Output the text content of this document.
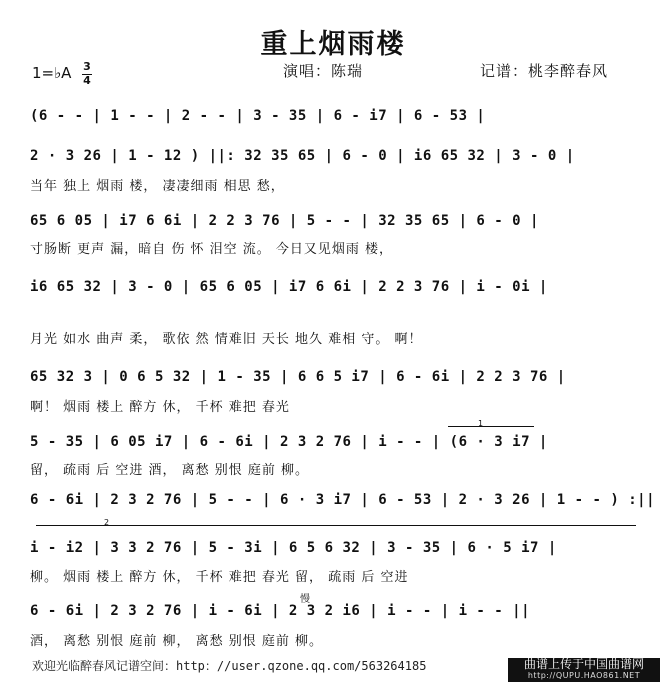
重上烟雨楼
1=♭A 3
4
演唱：陈瑞	记谱：桃李醉春风
(6 - - | 1 - - | 2 - - | 3 - 35 | 6 - i7 | 6 - 53 |
2 · 3 26 | 1 - 12 ) ||: 32 35 65 | 6 - 0 | i6 65 32 | 3 - 0 |
当年 独上 烟雨 楼， 凄凄细雨 相思 愁，
65 6 05 | i7 6 6i | 2 2 3 76 | 5 - - | 32 35 65 | 6 - 0 |
寸肠断 更声 漏，暗自 伤 怀 泪空 流。 今日又见烟雨 楼，
i6 65 32 | 3 - 0 | 65 6 05 | i7 6 6i | 2 2 3 76 | i - 0i |
月光 如水 曲声 柔， 歌依 然 情难旧 天长 地久 难相 守。 啊！
65 32 3 | 0 6 5 32 | 1 - 35 | 6 6 5 i7 | 6 - 6i | 2 2 3 76 |
啊！ 烟雨 楼上 醉方 休， 千杯 难把 春光
5 - 35 | 6 05 i7 | 6 - 6i | 2 3 2 76 | i - - | (6 · 3 i7 |
留， 疏雨 后 空进 酒， 离愁 别恨 庭前 柳。
6 - 6i | 2 3 2 76 | 5 - - | 6 · 3 i7 | 6 - 53 | 2 · 3 26 | 1 - - ) :||
i - i2 | 3 3 2 76 | 5 - 3i | 6 5 6 32 | 3 - 35 | 6 · 5 i7 |
柳。 烟雨 楼上 醉方 休， 千杯 难把 春光 留， 疏雨 后 空进
6 - 6i | 2 3 2 76 | i - 6i | 2 3 2 i6 | i - - | i - - ||
酒， 离愁 别恨 庭前 柳， 离愁 别恨 庭前 柳。
1
2
慢
欢迎光临醉春风记谱空间：http：//user.qzone.qq.com/563264185	曲谱上传于中国曲谱网
http://QUPU.HAO861.NET
